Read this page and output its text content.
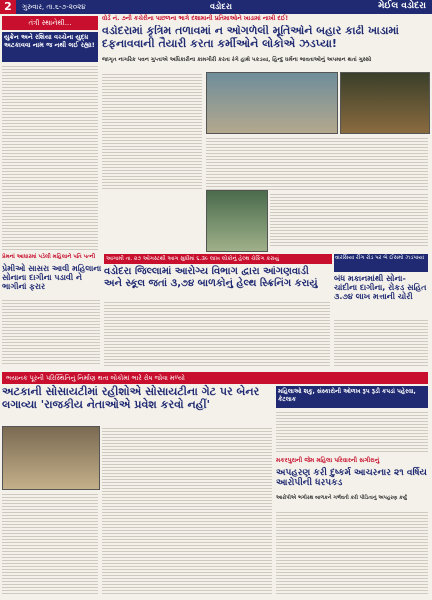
2	ગુરુવાર, તા.૬-૭-૨૦૨૪	વડોદરા	મેઈલ વડોદરા
તંત્રી સ્થાનેથી...
યુક્રેન અને રશિયા વચ્ચેના યુદ્ધ અટકાવવા નામ જ નથી લઈ રહ્યા!
વોર્ડ નં. ૭ની કચેરીના પાછળના ભાગે દશામાની પ્રતિમાઓને ખાડામાં નાખી દઈ!
વડોદરામાં કૃત્રિમ તળાવમાં ન ઓગળેલી મૂર્તિઓને બહાર કાઢી ખાડામાં દફનાવવાની તૈયારી કરતા કર્મીઓને લોકોએ ઝડપ્યા!
જાગૃત નાગરિક પવન ગુપ્તાએ અધિકારીના કામગીરી કરતા રંગે હાથે પકડયા, હિન્દુ ધર્મના ભાવતાઓનું અપમાન થતાં ગુસ્સો
પ્રેમનાં આધારમાં પડેલી મહિલાને પતિ પત્ની
પ્રેમીઓ સાસરા આવી મહિલાના સોનાના દાગીના પડાવી ને ભાગીનાં ફરાર
આગામી તા. ૨૭ ઓગસ્ટથી આગ સુધીમાં ૬.૩૯ લાખ લોકોનું હેલ્થ ચેકિંગ કરાયું
વડોદરા જિલ્લામાં આરોગ્ય વિભાગ દ્વારા આંગણવાડી અને સ્કૂલ જતાં ૩,૭૪ બાળકોનું હેલ્થ સ્ક્રિનિંગ કરાયું
વારસિયા રીંગ રોડ પર બે ઈસમો ઝડપાયા
બંધ મકાનમાંથી સોના-ચાંદીના દાગીના, રોકડ સહિત ૩.૭૪ લાખ મત્તાની ચોરી
ભયાનક પૂરની પરિસ્થિતિનું નિર્માણ થતા લોકોમાં ભારે રોષ જોવા મળ્યો
અટકાની સોસાયટીમાં રહીશોએ સોસાયટીના ગેટ પર બેનર લગાવ્યા 'રાજકીય નેતાઓએ પ્રવેશ કરવો નહીં'
મહિલાઓ શકુ, સંસ્કારોની ઓળખ રૂપ રૂડી કપડાં પહેરવા, કેટલાક
મકરપુરાની જેમ મહિલા પરિવારની સગીરાનું
અપહરણ કરી દુષ્કર્મ આચરનાર ૨૧ વર્ષિય આરોપીની ધરપકડ
આરોપીએ ભગીરથ બાળકને ગર્ભવતી કરી પીડિતાનું અપહરણ કર્યું
